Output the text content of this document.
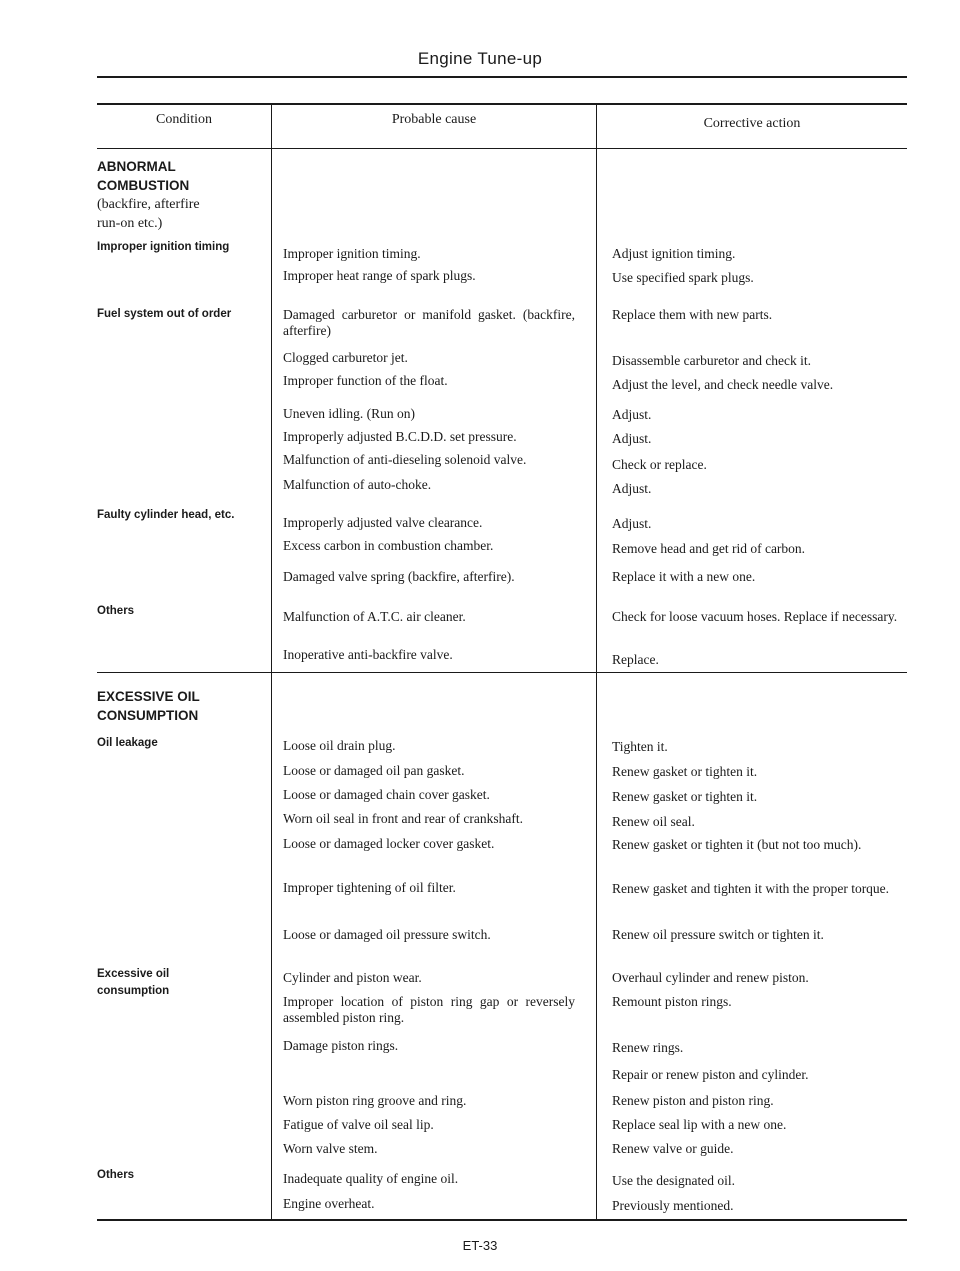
Engine Tune-up
Condition	Probable cause	Corrective action
ABNORMAL
COMBUSTION
(backfire, afterfire
run-on etc.)
Improper ignition timing
Fuel system out of order
Faulty cylinder head, etc.
Others
Improper ignition timing.
Improper heat range of spark plugs.
Damaged carburetor or manifold gasket. (backfire, afterfire)
Clogged carburetor jet.
Improper function of the float.
Uneven idling. (Run on)
Improperly adjusted B.C.D.D. set pressure.
Malfunction of anti-dieseling solenoid valve.
Malfunction of auto-choke.
Improperly adjusted valve clearance.
Excess carbon in combustion chamber.
Damaged valve spring (backfire, afterfire).
Malfunction of A.T.C. air cleaner.
Inoperative anti-backfire valve.
Adjust ignition timing.
Use specified spark plugs.
Replace them with new parts.
Disassemble carburetor and check it.
Adjust the level, and check needle valve.
Adjust.
Adjust.
Check or replace.
Adjust.
Adjust.
Remove head and get rid of carbon.
Replace it with a new one.
Check for loose vacuum hoses. Replace if necessary.
Replace.
EXCESSIVE OIL
CONSUMPTION
Oil leakage
Excessive oil consumption
Others
Loose oil drain plug.
Loose or damaged oil pan gasket.
Loose or damaged chain cover gasket.
Worn oil seal in front and rear of crankshaft.
Loose or damaged locker cover gasket.
Improper tightening of oil filter.
Loose or damaged oil pressure switch.
Cylinder and piston wear.
Improper location of piston ring gap or reversely assembled piston ring.
Damage piston rings.
Worn piston ring groove and ring.
Fatigue of valve oil seal lip.
Worn valve stem.
Inadequate quality of engine oil.
Engine overheat.
Tighten it.
Renew gasket or tighten it.
Renew gasket or tighten it.
Renew oil seal.
Renew gasket or tighten it (but not too much).
Renew gasket and tighten it with the proper torque.
Renew oil pressure switch or tighten it.
Overhaul cylinder and renew piston.
Remount piston rings.
Renew rings.
Repair or renew piston and cylinder.
Renew piston and piston ring.
Replace seal lip with a new one.
Renew valve or guide.
Use the designated oil.
Previously mentioned.
ET-33
